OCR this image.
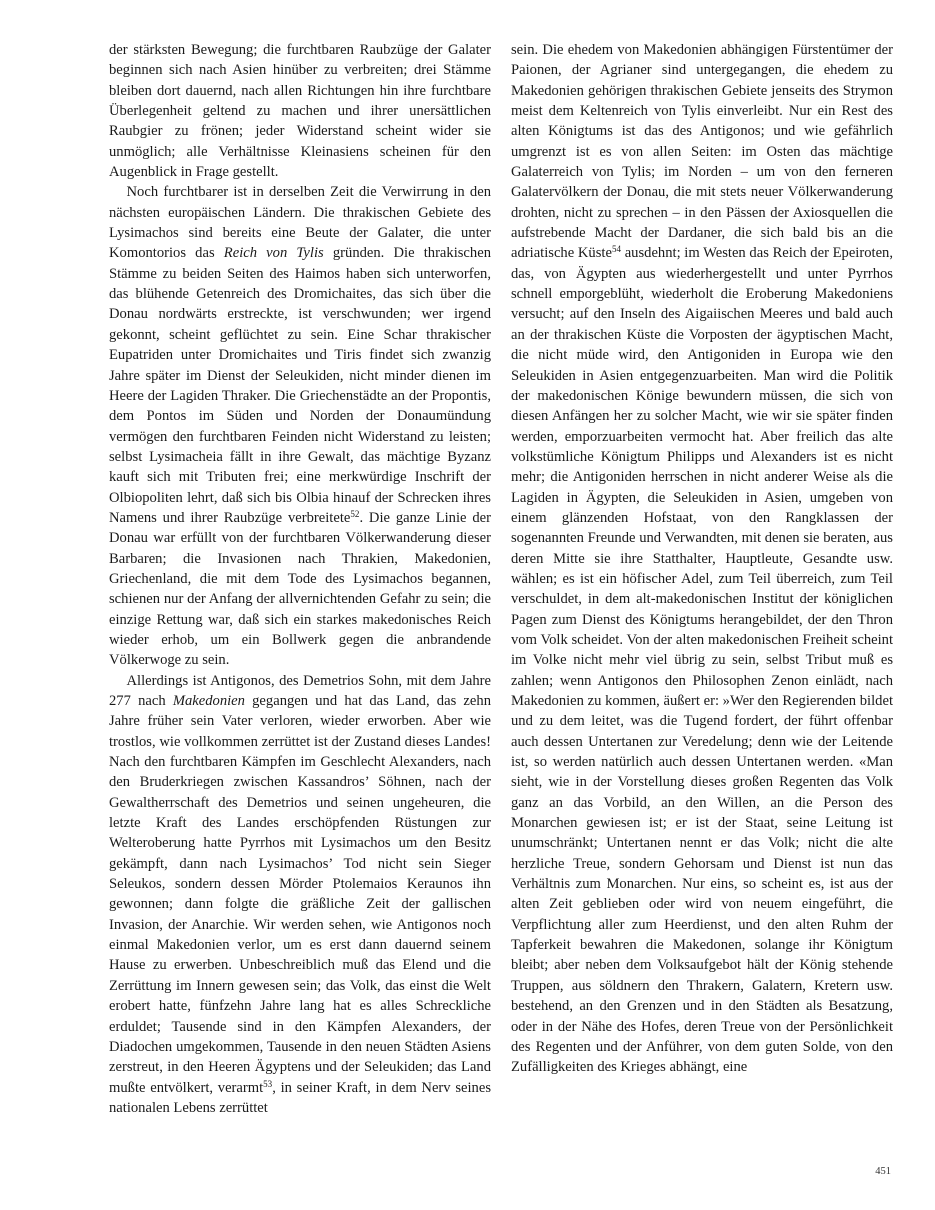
der stärksten Bewegung; die furchtbaren Raubzüge der Galater beginnen sich nach Asien hinüber zu verbreiten; drei Stämme bleiben dort dauernd, nach allen Richtungen hin ihre furchtbare Überlegenheit geltend zu machen und ihrer unersättlichen Raubgier zu frönen; jeder Widerstand scheint wider sie unmöglich; alle Verhältnisse Kleinasiens scheinen für den Augenblick in Frage gestellt.

Noch furchtbarer ist in derselben Zeit die Verwirrung in den nächsten europäischen Ländern. Die thrakischen Gebiete des Lysimachos sind bereits eine Beute der Galater, die unter Komontorios das Reich von Tylis gründen. Die thrakischen Stämme zu beiden Seiten des Haimos haben sich unterworfen, das blühende Getenreich des Dromichaites, das sich über die Donau nordwärts erstreckte, ist verschwunden; wer irgend gekonnt, scheint geflüchtet zu sein. Eine Schar thrakischer Eupatriden unter Dromichaites und Tiris findet sich zwanzig Jahre später im Dienst der Seleukiden, nicht minder dienen im Heere der Lagiden Thraker. Die Griechenstädte an der Propontis, dem Pontos im Süden und Norden der Donaumündung vermögen den furchtbaren Feinden nicht Widerstand zu leisten; selbst Lysimacheia fällt in ihre Gewalt, das mächtige Byzanz kauft sich mit Tributen frei; eine merkwürdige Inschrift der Olbiopoliten lehrt, daß sich bis Olbia hinauf der Schrecken ihres Namens und ihrer Raubzüge verbreitete$^{52}$. Die ganze Linie der Donau war erfüllt von der furchtbaren Völkerwanderung dieser Barbaren; die Invasionen nach Thrakien, Makedonien, Griechenland, die mit dem Tode des Lysimachos begannen, schienen nur der Anfang der allvernichtenden Gefahr zu sein; die einzige Rettung war, daß sich ein starkes makedonisches Reich wieder erhob, um ein Bollwerk gegen die anbrandende Völkerwoge zu sein.

Allerdings ist Antigonos, des Demetrios Sohn, mit dem Jahre 277 nach Makedonien gegangen und hat das Land, das zehn Jahre früher sein Vater verloren, wieder erworben. Aber wie trostlos, wie vollkommen zerrüttet ist der Zustand dieses Landes! Nach den furchtbaren Kämpfen im Geschlecht Alexanders, nach den Bruderkriegen zwischen Kassandros’ Söhnen, nach der Gewaltherrschaft des Demetrios und seinen ungeheuren, die letzte Kraft des Landes erschöpfenden Rüstungen zur Welteroberung hatte Pyrrhos mit Lysimachos um den Besitz gekämpft, dann nach Lysimachos’ Tod nicht sein Sieger Seleukos, sondern dessen Mörder Ptolemaios Keraunos ihn gewonnen; dann folgte die gräßliche Zeit der gallischen Invasion, der Anarchie. Wir werden sehen, wie Antigonos noch einmal Makedonien verlor, um es erst dann dauernd seinem Hause zu erwerben. Unbeschreiblich muß das Elend und die Zerrüttung im Innern gewesen sein; das Volk, das einst die Welt erobert hatte, fünfzehn Jahre lang hat es alles Schreckliche erduldet; Tausende sind in den Kämpfen Alexanders, der Diadochen umgekommen, Tausende in den neuen Städten Asiens zerstreut, in den Heeren Ägyptens und der Seleukiden; das Land mußte entvölkert, verarmt$^{53}$, in seiner Kraft, in dem Nerv seines nationalen Lebens zerrüttet

sein. Die ehedem von Makedonien abhängigen Fürstentümer der Paionen, der Agrianer sind untergegangen, die ehedem zu Makedonien gehörigen thrakischen Gebiete jenseits des Strymon meist dem Keltenreich von Tylis einverleibt. Nur ein Rest des alten Königtums ist das des Antigonos; und wie gefährlich umgrenzt ist es von allen Seiten: im Osten das mächtige Galaterreich von Tylis; im Norden – um von den ferneren Galatervölkern der Donau, die mit stets neuer Völkerwanderung drohten, nicht zu sprechen – in den Pässen der Axiosquellen die aufstrebende Macht der Dardaner, die sich bald bis an die adriatische Küste$^{54}$ ausdehnt; im Westen das Reich der Epeiroten, das, von Ägypten aus wiederhergestellt und unter Pyrrhos schnell emporgeblüht, wiederholt die Eroberung Makedoniens versucht; auf den Inseln des Aigaiischen Meeres und bald auch an der thrakischen Küste die Vorposten der ägyptischen Macht, die nicht müde wird, den Antigoniden in Europa wie den Seleukiden in Asien entgegenzuarbeiten. Man wird die Politik der makedonischen Könige bewundern müssen, die sich von diesen Anfängen her zu solcher Macht, wie wir sie später finden werden, emporzuarbeiten vermocht hat. Aber freilich das alte volkstümliche Königtum Philipps und Alexanders ist es nicht mehr; die Antigoniden herrschen in nicht anderer Weise als die Lagiden in Ägypten, die Seleukiden in Asien, umgeben von einem glänzenden Hofstaat, von den Rangklassen der sogenannten Freunde und Verwandten, mit denen sie beraten, aus deren Mitte sie ihre Statthalter, Hauptleute, Gesandte usw. wählen; es ist ein höfischer Adel, zum Teil überreich, zum Teil verschuldet, in dem alt-makedonischen Institut der königlichen Pagen zum Dienst des Königtums herangebildet, der den Thron vom Volk scheidet. Von der alten makedonischen Freiheit scheint im Volke nicht mehr viel übrig zu sein, selbst Tribut muß es zahlen; wenn Antigonos den Philosophen Zenon einlädt, nach Makedonien zu kommen, äußert er: »Wer den Regierenden bildet und zu dem leitet, was die Tugend fordert, der führt offenbar auch dessen Untertanen zur Veredelung; denn wie der Leitende ist, so werden natürlich auch dessen Untertanen werden. «Man sieht, wie in der Vorstellung dieses großen Regenten das Volk ganz an das Vorbild, an den Willen, an die Person des Monarchen gewiesen ist; er ist der Staat, seine Leitung ist unumschränkt; Untertanen nennt er das Volk; nicht die alte herzliche Treue, sondern Gehorsam und Dienst ist nun das Verhältnis zum Monarchen. Nur eins, so scheint es, ist aus der alten Zeit geblieben oder wird von neuem eingeführt, die Verpflichtung aller zum Heerdienst, und den alten Ruhm der Tapferkeit bewahren die Makedonen, solange ihr Königtum bleibt; aber neben dem Volksaufgebot hält der König stehende Truppen, aus söldnern den Thrakern, Galatern, Kretern usw. bestehend, an den Grenzen und in den Städten als Besatzung, oder in der Nähe des Hofes, deren Treue von der Persönlichkeit des Regenten und der Anführer, von dem guten Solde, von den Zufälligkeiten des Krieges abhängt, eine

451
